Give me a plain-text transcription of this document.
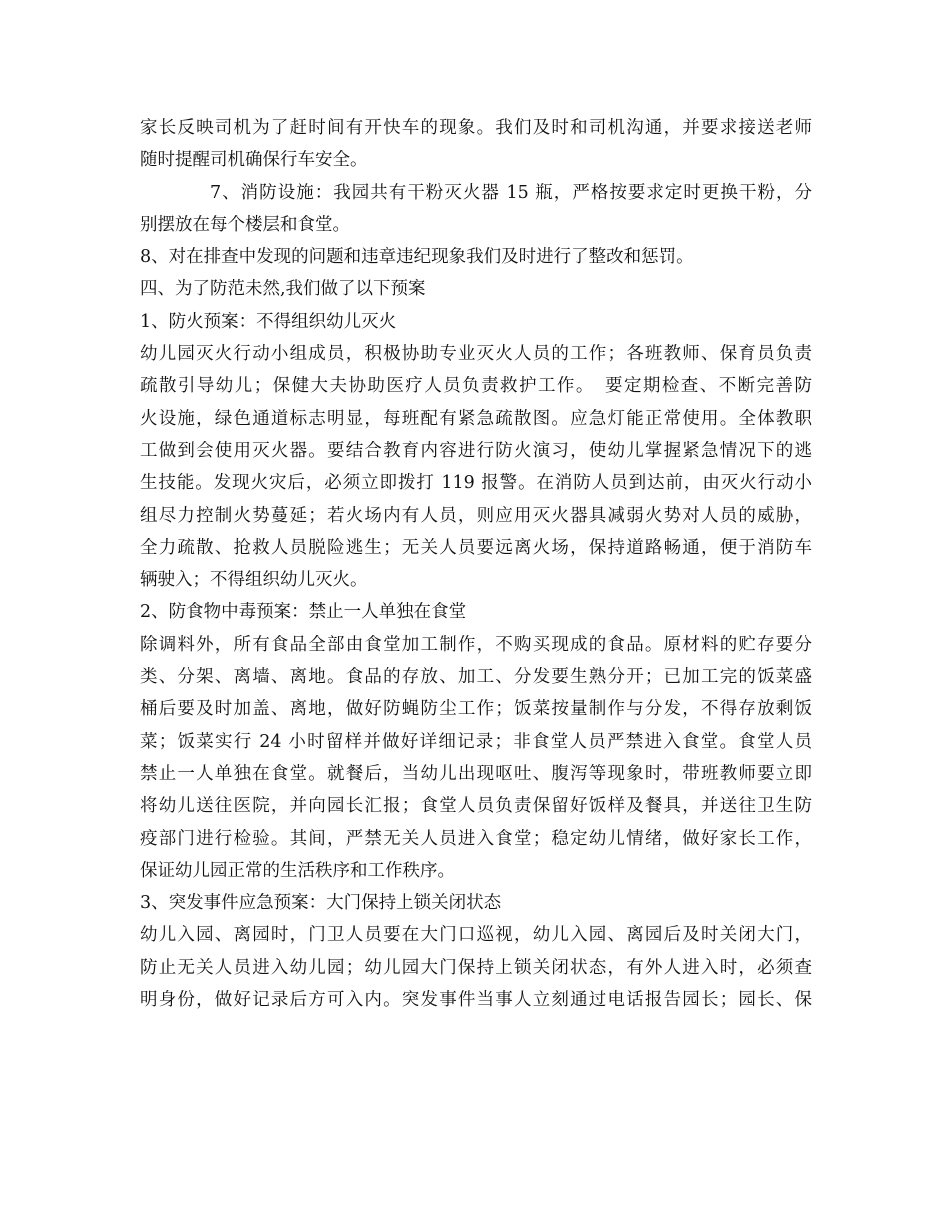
家长反映司机为了赶时间有开快车的现象。我们及时和司机沟通，并要求接送老师
随时提醒司机确保行车安全。
7、消防设施：我园共有干粉灭火器 15 瓶，严格按要求定时更换干粉，分
别摆放在每个楼层和食堂。
8、对在排查中发现的问题和违章违纪现象我们及时进行了整改和惩罚。
四、为了防范未然,我们做了以下预案
1、防火预案：不得组织幼儿灭火
幼儿园灭火行动小组成员，积极协助专业灭火人员的工作；各班教师、保育员负责
疏散引导幼儿；保健大夫协助医疗人员负责救护工作。　要定期检查、不断完善防
火设施，绿色通道标志明显，每班配有紧急疏散图。应急灯能正常使用。全体教职
工做到会使用灭火器。要结合教育内容进行防火演习，使幼儿掌握紧急情况下的逃
生技能。发现火灾后，必须立即拨打 119 报警。在消防人员到达前，由灭火行动小
组尽力控制火势蔓延；若火场内有人员，则应用灭火器具减弱火势对人员的威胁，
全力疏散、抢救人员脱险逃生；无关人员要远离火场，保持道路畅通，便于消防车
辆驶入；不得组织幼儿灭火。
2、防食物中毒预案：禁止一人单独在食堂
除调料外，所有食品全部由食堂加工制作，不购买现成的食品。原材料的贮存要分
类、分架、离墙、离地。食品的存放、加工、分发要生熟分开；已加工完的饭菜盛
桶后要及时加盖、离地，做好防蝇防尘工作；饭菜按量制作与分发，不得存放剩饭
菜；饭菜实行 24 小时留样并做好详细记录；非食堂人员严禁进入食堂。食堂人员
禁止一人单独在食堂。就餐后，当幼儿出现呕吐、腹泻等现象时，带班教师要立即
将幼儿送往医院，并向园长汇报；食堂人员负责保留好饭样及餐具，并送往卫生防
疫部门进行检验。其间，严禁无关人员进入食堂；稳定幼儿情绪，做好家长工作，
保证幼儿园正常的生活秩序和工作秩序。
3、突发事件应急预案：大门保持上锁关闭状态
幼儿入园、离园时，门卫人员要在大门口巡视，幼儿入园、离园后及时关闭大门，
防止无关人员进入幼儿园；幼儿园大门保持上锁关闭状态，有外人进入时，必须查
明身份，做好记录后方可入内。突发事件当事人立刻通过电话报告园长；园长、保
